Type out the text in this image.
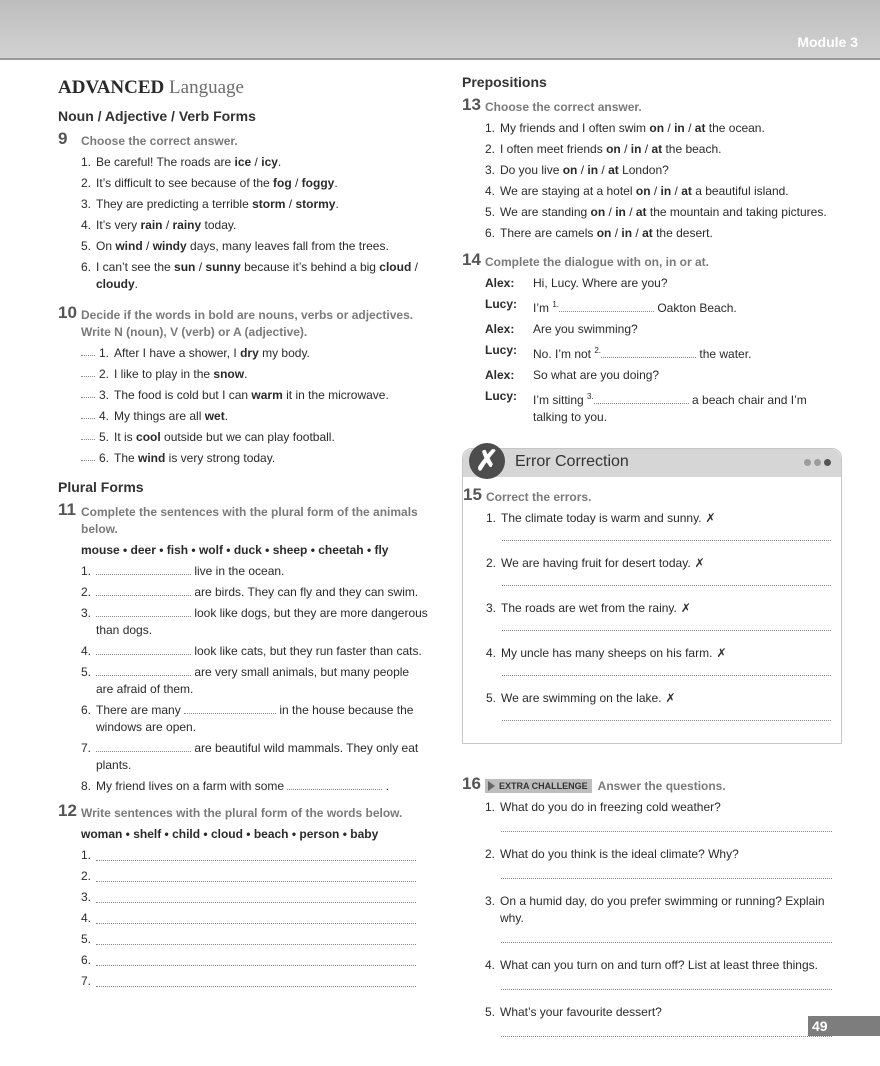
Module 3
ADVANCED Language
Noun / Adjective / Verb Forms
9 Choose the correct answer.
1. Be careful! The roads are ice / icy.
2. It’s difficult to see because of the fog / foggy.
3. They are predicting a terrible storm / stormy.
4. It’s very rain / rainy today.
5. On wind / windy days, many leaves fall from the trees.
6. I can’t see the sun / sunny because it’s behind a big cloud / cloudy.
10 Decide if the words in bold are nouns, verbs or adjectives. Write N (noun), V (verb) or A (adjective).
1. After I have a shower, I dry my body.
2. I like to play in the snow.
3. The food is cold but I can warm it in the microwave.
4. My things are all wet.
5. It is cool outside but we can play football.
6. The wind is very strong today.
Plural Forms
11 Complete the sentences with the plural form of the animals below.
mouse • deer • fish • wolf • duck • sheep • cheetah • fly
1.	live in the ocean.
2.	are birds. They can fly and they can swim.
3.	look like dogs, but they are more dangerous than dogs.
4.	look like cats, but they run faster than cats.
5.	are very small animals, but many people are afraid of them.
6. There are many	in the house because the windows are open.
7.	are beautiful wild mammals. They only eat plants.
8. My friend lives on a farm with some	.
12 Write sentences with the plural form of the words below.
woman • shelf • child • cloud • beach • person • baby
1.
2.
3.
4.
5.
6.
7.
Prepositions
13 Choose the correct answer.
1. My friends and I often swim on / in / at the ocean.
2. I often meet friends on / in / at the beach.
3. Do you live on / in / at London?
4. We are staying at a hotel on / in / at a beautiful island.
5. We are standing on / in / at the mountain and taking pictures.
6. There are camels on / in / at the desert.
14 Complete the dialogue with on, in or at.
Alex:	Hi, Lucy. Where are you?
Lucy:	I’m $^{1.}$	Oakton Beach.
Alex:	Are you swimming?
Lucy:	No. I’m not $^{2.}$	the water.
Alex:	So what are you doing?
Lucy:	I’m sitting $^{3.}$	a beach chair and I’m talking to you.
✗	Error Correction
15 Correct the errors.
1. The climate today is warm and sunny. ✗
2. We are having fruit for desert today. ✗
3. The roads are wet from the rainy. ✗
4. My uncle has many sheeps on his farm. ✗
5. We are swimming on the lake. ✗
16 EXTRA CHALLENGE Answer the questions.
1. What do you do in freezing cold weather?
2. What do you think is the ideal climate? Why?
3. On a humid day, do you prefer swimming or running? Explain why.
4. What can you turn on and turn off? List at least three things.
5. What’s your favourite dessert?
49
